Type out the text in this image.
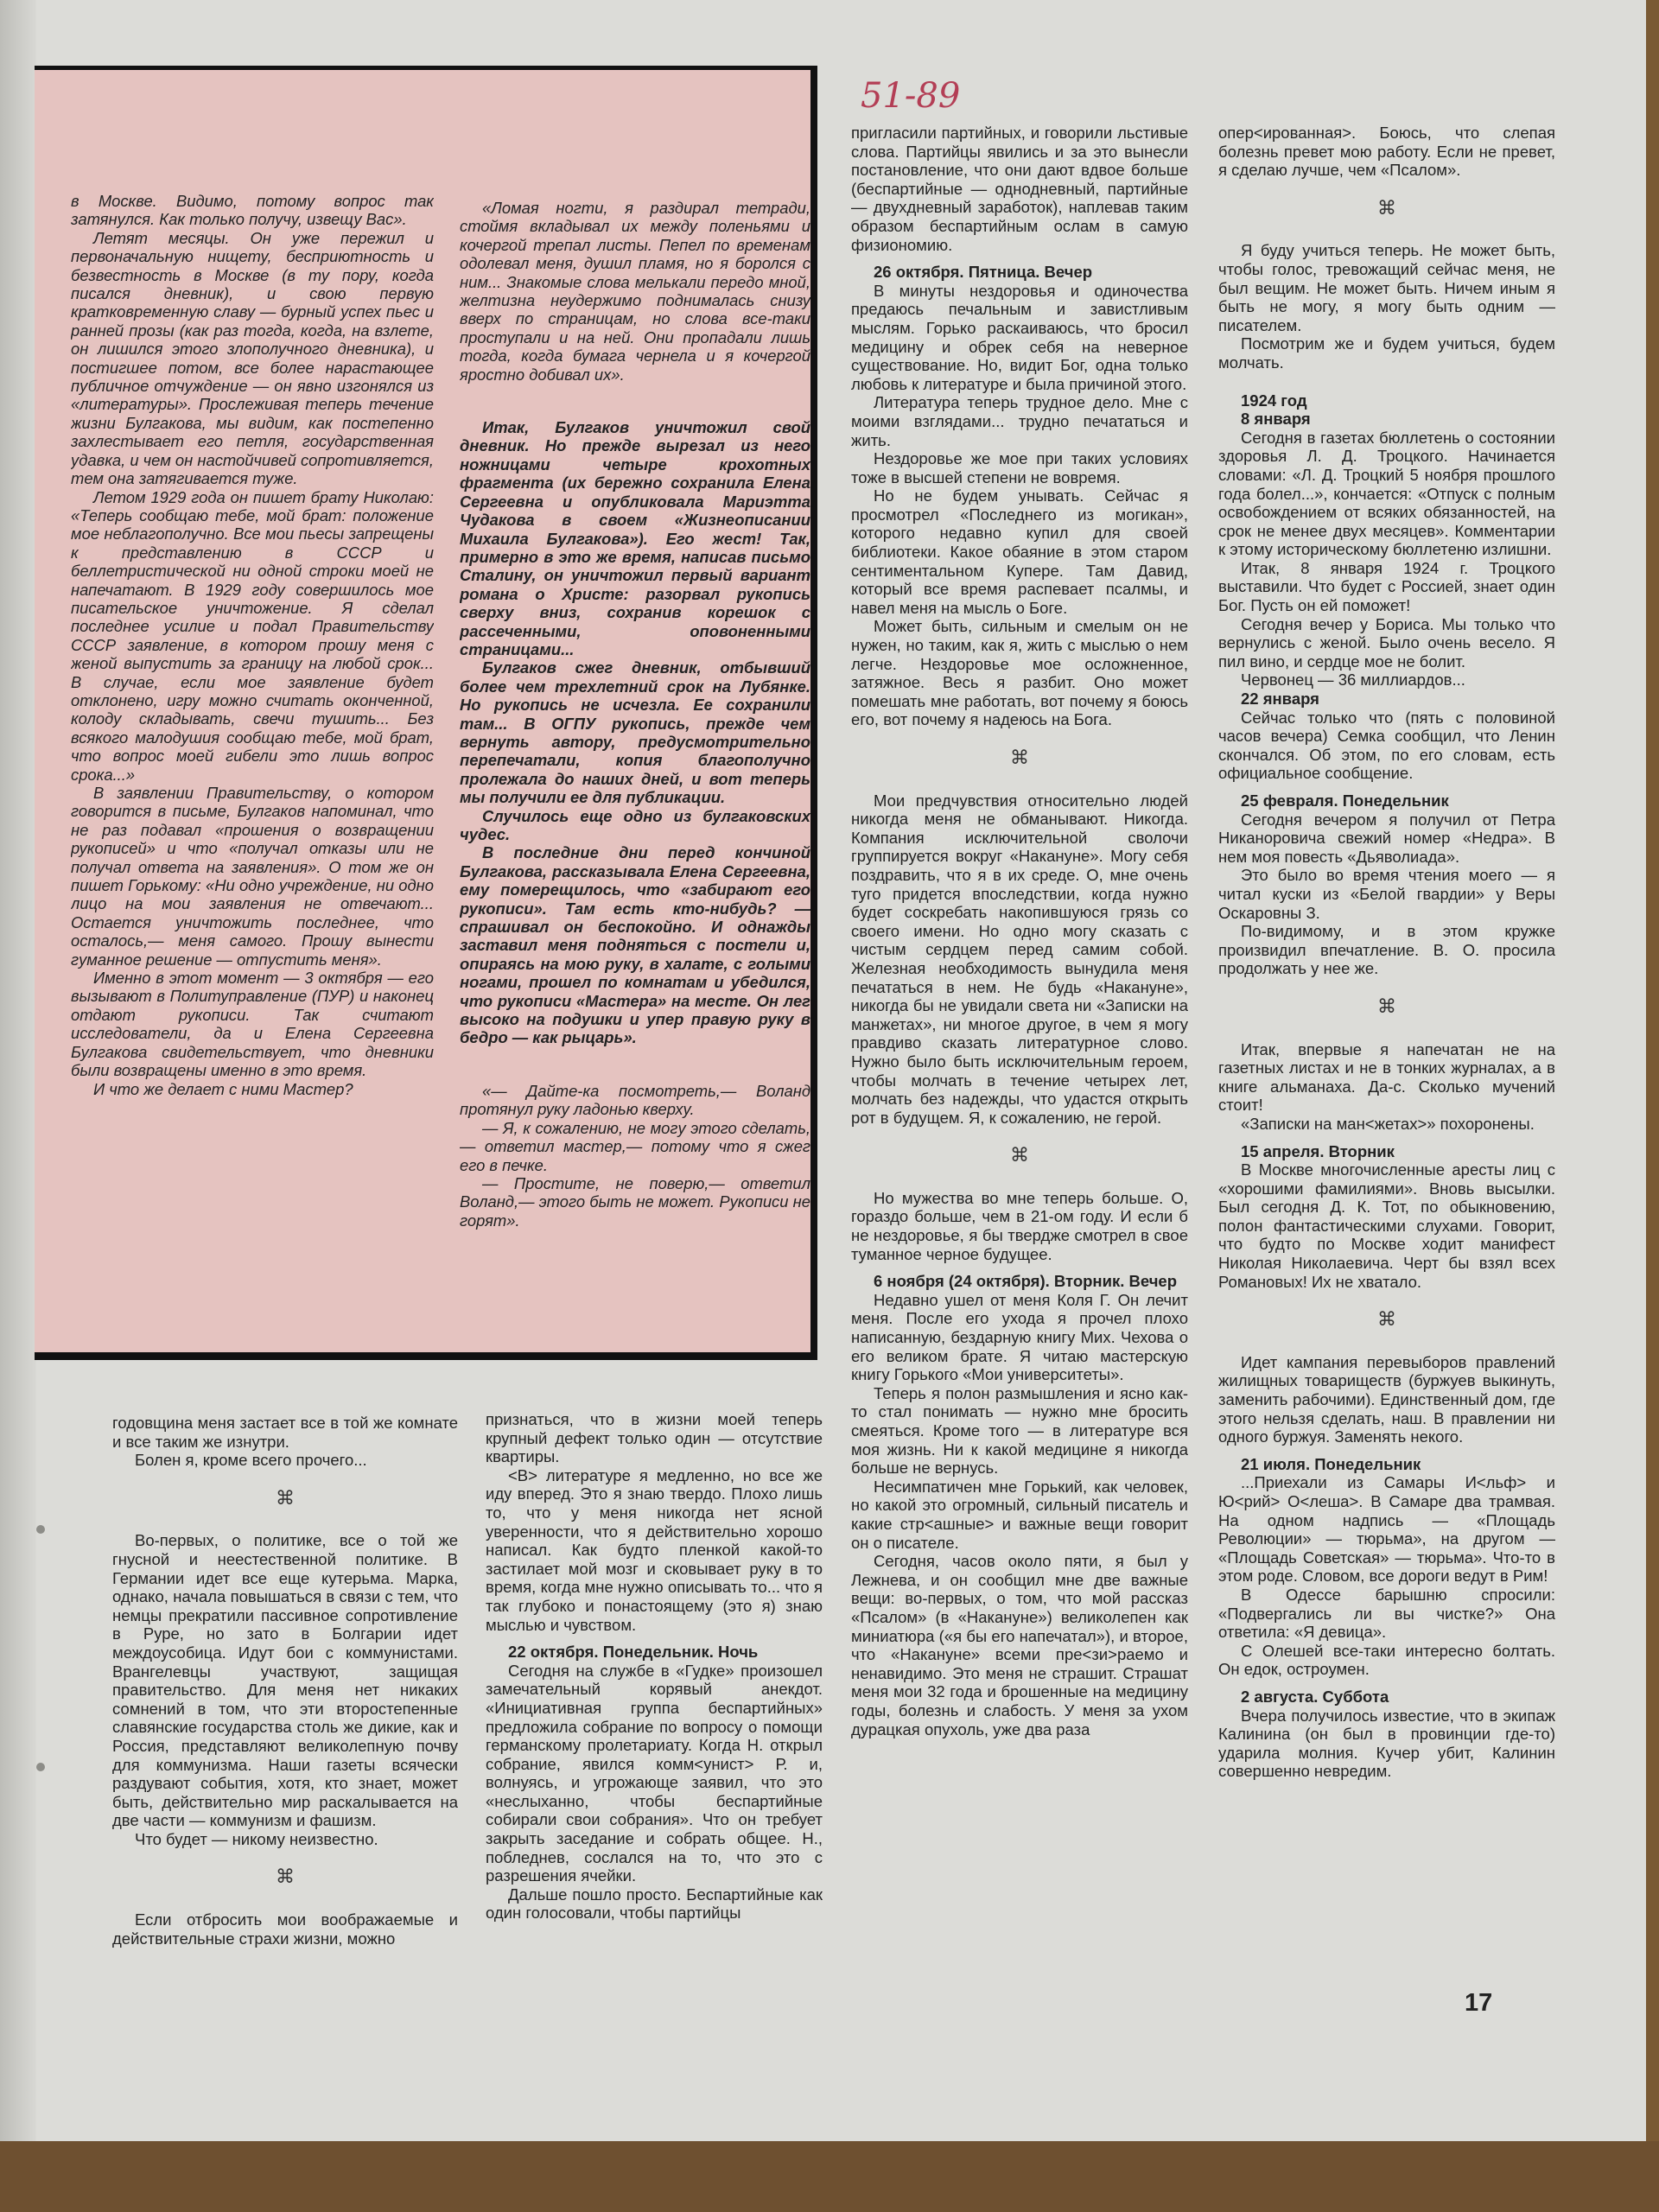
в Москве. Видимо, потому вопрос так затянулся. Как только получу, извещу Вас».

Летят месяцы. Он уже пережил и первоначальную нищету, бесприютность и безвестность в Москве (в ту пору, когда писался дневник), и свою первую кратковременную славу — бурный успех пьес и ранней прозы (как раз тогда, когда, на взлете, он лишился этого злополучного дневника), и постигшее потом, все более нарастающее публичное отчуждение — он явно изгонялся из «литературы». Прослеживая теперь течение жизни Булгакова, мы видим, как постепенно захлестывает его петля, государственная удавка, и чем он настойчивей сопротивляется, тем она затягивается туже.

Летом 1929 года он пишет брату Николаю: «Теперь сообщаю тебе, мой брат: положение мое неблагополучно. Все мои пьесы запрещены к представлению в СССР и беллетристической ни одной строки моей не напечатают. В 1929 году совершилось мое писательское уничтожение. Я сделал последнее усилие и подал Правительству СССР заявление, в котором прошу меня с женой выпустить за границу на любой срок... В случае, если мое заявление будет отклонено, игру можно считать оконченной, колоду складывать, свечи тушить... Без всякого малодушия сообщаю тебе, мой брат, что вопрос моей гибели это лишь вопрос срока...»

В заявлении Правительству, о котором говорится в письме, Булгаков напоминал, что не раз подавал «прошения о возвращении рукописей» и что «получал отказы или не получал ответа на заявления». О том же он пишет Горькому: «Ни одно учреждение, ни одно лицо на мои заявления не отвечают... Остается уничтожить последнее, что осталось,— меня самого. Прошу вынести гуманное решение — отпустить меня».

Именно в этот момент — 3 октября — его вызывают в Политуправление (ПУР) и наконец отдают рукописи. Так считают исследователи, да и Елена Сергеевна Булгакова свидетельствует, что дневники были возвращены именно в это время.

И что же делает с ними Мастер?

«Ломая ногти, я раздирал тетради, стоймя вкладывал их между поленьями и кочергой трепал листы. Пепел по временам одолевал меня, душил пламя, но я боролся с ним... Знакомые слова мелькали передо мной, желтизна неудержимо поднималась снизу вверх по страницам, но слова все-таки проступали и на ней. Они пропадали лишь тогда, когда бумага чернела и я кочергой яростно добивал их».

Итак, Булгаков уничтожил свой дневник. Но прежде вырезал из него ножницами четыре крохотных фрагмента (их бережно сохранила Елена Сергеевна и опубликовала Мариэтта Чудакова в своем «Жизнеописании Михаила Булгакова»). Его жест! Так, примерно в это же время, написав письмо Сталину, он уничтожил первый вариант романа о Христе: разорвал рукопись сверху вниз, сохранив корешок с рассеченными, оповоненными страницами...

Булгаков сжег дневник, отбывший более чем трехлетний срок на Лубянке. Но рукопись не исчезла. Ее сохранили там... В ОГПУ рукопись, прежде чем вернуть автору, предусмотрительно перепечатали, копия благополучно пролежала до наших дней, и вот теперь мы получили ее для публикации.

Случилось еще одно из булгаковских чудес.

В последние дни перед кончиной Булгакова, рассказывала Елена Сергеевна, ему померещилось, что «забирают его рукописи». Там есть кто-нибудь? — спрашивал он беспокойно. И однажды заставил меня подняться с постели и, опираясь на мою руку, в халате, с голыми ногами, прошел по комнатам и убедился, что рукописи «Мастера» на месте. Он лег высоко на подушки и упер правую руку в бедро — как рыцарь».

«— Дайте-ка посмотреть,— Воланд протянул руку ладонью кверху.

— Я, к сожалению, не могу этого сделать,— ответил мастер,— потому что я сжег его в печке.

— Простите, не поверю,— ответил Воланд,— этого быть не может. Рукописи не горят».

51-89

годовщина меня застает все в той же комнате и все таким же изнутри.

Болен я, кроме всего прочего...

⌘

Во-первых, о политике, все о той же гнусной и неестественной политике. В Германии идет все еще кутерьма. Марка, однако, начала повышаться в связи с тем, что немцы прекратили пассивное сопротивление в Руре, но зато в Болгарии идет междоусобица. Идут бои с коммунистами. Врангелевцы участвуют, защищая правительство. Для меня нет никаких сомнений в том, что эти второстепенные славянские государства столь же дикие, как и Россия, представляют великолепную почву для коммунизма. Наши газеты всячески раздувают события, хотя, кто знает, может быть, действительно мир раскалывается на две части — коммунизм и фашизм.

Что будет — никому неизвестно.

⌘

Если отбросить мои воображаемые и действительные страхи жизни, можно

признаться, что в жизни моей теперь крупный дефект только один — отсутствие квартиры.

<В> литературе я медленно, но все же иду вперед. Это я знаю твердо. Плохо лишь то, что у меня никогда нет ясной уверенности, что я действительно хорошо написал. Как будто пленкой какой-то застилает мой мозг и сковывает руку в то время, когда мне нужно описывать то... что я так глубоко и понастоящему (это я) знаю мыслью и чувством.

22 октября. Понедельник. Ночь

Сегодня на службе в «Гудке» произошел замечательный корявый анекдот. «Инициативная группа беспартийных» предложила собрание по вопросу о помощи германскому пролетариату. Когда Н. открыл собрание, явился комм<унист> Р. и, волнуясь, и угрожающе заявил, что это «неслыханно, чтобы беспартийные собирали свои собрания». Что он требует закрыть заседание и собрать общее. Н., побледнев, сослался на то, что это с разрешения ячейки.

Дальше пошло просто. Беспартийные как один голосовали, чтобы партийцы

пригласили партийных, и говорили льстивые слова. Партийцы явились и за это вынесли постановление, что они дают вдвое больше (беспартийные — однодневный, партийные — двухдневный заработок), наплевав таким образом беспартийным ослам в самую физиономию.

26 октября. Пятница. Вечер

В минуты нездоровья и одиночества предаюсь печальным и завистливым мыслям. Горько раскаиваюсь, что бросил медицину и обрек себя на неверное существование. Но, видит Бог, одна только любовь к литературе и была причиной этого.

Литература теперь трудное дело. Мне с моими взглядами... трудно печататься и жить.

Нездоровье же мое при таких условиях тоже в высшей степени не вовремя.

Но не будем унывать. Сейчас я просмотрел «Последнего из могикан», которого недавно купил для своей библиотеки. Какое обаяние в этом старом сентиментальном Купере. Там Давид, который все время распевает псалмы, и навел меня на мысль о Боге.

Может быть, сильным и смелым он не нужен, но таким, как я, жить с мыслью о нем легче. Нездоровье мое осложненное, затяжное. Весь я разбит. Оно может помешать мне работать, вот почему я боюсь его, вот почему я надеюсь на Бога.

⌘

Мои предчувствия относительно людей никогда меня не обманывают. Никогда. Компания исключительной сволочи группируется вокруг «Накануне». Могу себя поздравить, что я в их среде. О, мне очень туго придется впоследствии, когда нужно будет соскребать накопившуюся грязь со своего имени. Но одно могу сказать с чистым сердцем перед самим собой. Железная необходимость вынудила меня печататься в нем. Не будь «Накануне», никогда бы не увидали света ни «Записки на манжетах», ни многое другое, в чем я могу правдиво сказать литературное слово. Нужно было быть исключительным героем, чтобы молчать в течение четырех лет, молчать без надежды, что удастся открыть рот в будущем. Я, к сожалению, не герой.

⌘

Но мужества во мне теперь больше. О, гораздо больше, чем в 21-ом году. И если б не нездоровье, я бы твердже смотрел в свое туманное черное будущее.

6 ноября (24 октября). Вторник. Вечер

Недавно ушел от меня Коля Г. Он лечит меня. После его ухода я прочел плохо написанную, бездарную книгу Мих. Чехова о его великом брате. Я читаю мастерскую книгу Горького «Мои университеты».

Теперь я полон размышления и ясно как-то стал понимать — нужно мне бросить смеяться. Кроме того — в литературе вся моя жизнь. Ни к какой медицине я никогда больше не вернусь.

Несимпатичен мне Горький, как человек, но какой это огромный, сильный писатель и какие стр<ашные> и важные вещи говорит он о писателе.

Сегодня, часов около пяти, я был у Лежнева, и он сообщил мне две важные вещи: во-первых, о том, что мой рассказ «Псалом» (в «Накануне») великолепен как миниатюра («я бы его напечатал»), и второе, что «Накануне» всеми пре<зи>раемо и ненавидимо. Это меня не страшит. Страшат меня мои 32 года и брошенные на медицину годы, болезнь и слабость. У меня за ухом дурацкая опухоль, уже два раза

опер<ированная>. Боюсь, что слепая болезнь превет мою работу. Если не превет, я сделаю лучше, чем «Псалом».

⌘

Я буду учиться теперь. Не может быть, чтобы голос, тревожащий сейчас меня, не был вещим. Не может быть. Ничем иным я быть не могу, я могу быть одним — писателем.

Посмотрим же и будем учиться, будем молчать.

1924 год
8 января

Сегодня в газетах бюллетень о состоянии здоровья Л. Д. Троцкого. Начинается словами: «Л. Д. Троцкий 5 ноября прошлого года болел...», кончается: «Отпуск с полным освобождением от всяких обязанностей, на срок не менее двух месяцев». Комментарии к этому историческому бюллетеню излишни.

Итак, 8 января 1924 г. Троцкого выставили. Что будет с Россией, знает один Бог. Пусть он ей поможет!

Сегодня вечер у Бориса. Мы только что вернулись с женой. Было очень весело. Я пил вино, и сердце мое не болит.

Червонец — 36 миллиардов...

22 января

Сейчас только что (пять с половиной часов вечера) Семка сообщил, что Ленин скончался. Об этом, по его словам, есть официальное сообщение.

25 февраля. Понедельник

Сегодня вечером я получил от Петра Никаноровича свежий номер «Недра». В нем моя повесть «Дьяволиада».

Это было во время чтения моего — я читал куски из «Белой гвардии» у Веры Оскаровны З.

По-видимому, и в этом кружке произвидил впечатление. В. О. просила продолжать у нее же.

⌘

Итак, впервые я напечатан не на газетных листах и не в тонких журналах, а в книге альманаха. Да-с. Сколько мучений стоит!

«Записки на ман<жетах>» похоронены.

15 апреля. Вторник

В Москве многочисленные аресты лиц с «хорошими фамилиями». Вновь высылки. Был сегодня Д. К. Тот, по обыкновению, полон фантастическими слухами. Говорит, что будто по Москве ходит манифест Николая Николаевича. Черт бы взял всех Романовых! Их не хватало.

⌘

Идет кампания перевыборов правлений жилищных товариществ (буржуев выкинуть, заменить рабочими). Единственный дом, где этого нельзя сделать, наш. В правлении ни одного буржуя. Заменять некого.

21 июля. Понедельник

...Приехали из Самары И<льф> и Ю<рий> О<леша>. В Самаре два трамвая. На одном надпись — «Площадь Революции» — тюрьма», на другом — «Площадь Советская» — тюрьма». Что-то в этом роде. Словом, все дороги ведут в Рим!

В Одессе барышню спросили: «Подвергались ли вы чистке?» Она ответила: «Я девица».

С Олешей все-таки интересно болтать. Он едок, остроумен.

2 августа. Суббота

Вчера получилось известие, что в экипаж Калинина (он был в провинции где-то) ударила молния. Кучер убит, Калинин совершенно невредим.

17
